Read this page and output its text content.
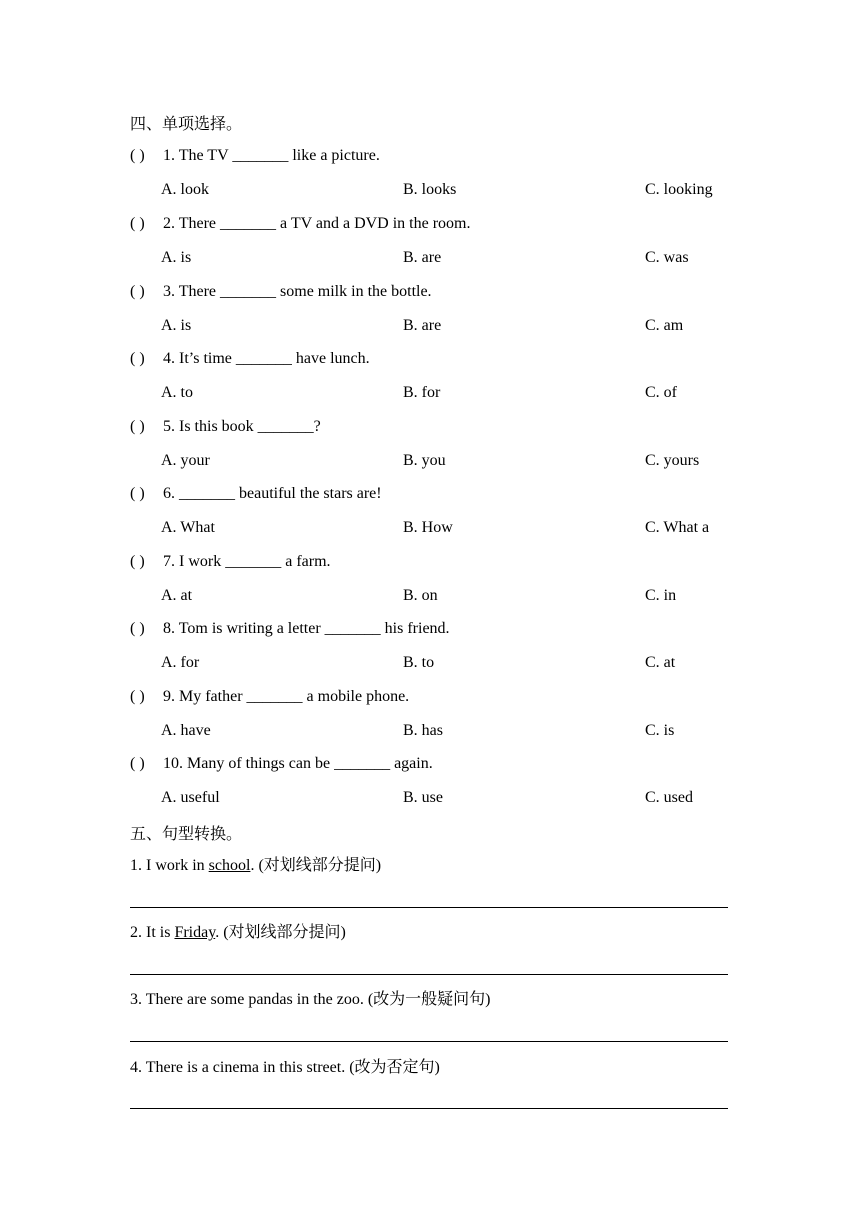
四、单项选择。
( ) 1. The TV _______ like a picture.
A. look	B. looks	C. looking
( ) 2. There _______ a TV and a DVD in the room.
A. is	B. are	C. was
( ) 3. There _______ some milk in the bottle.
A. is	B. are	C. am
( ) 4. It’s time _______ have lunch.
A. to	B. for	C. of
( ) 5. Is this book _______?
A. your	B. you	C. yours
( ) 6. _______ beautiful the stars are!
A. What	B. How	C. What a
( ) 7. I work _______ a farm.
A. at	B. on	C. in
( ) 8. Tom is writing a letter _______ his friend.
A. for	B. to	C. at
( ) 9. My father _______ a mobile phone.
A. have	B. has	C. is
( ) 10. Many of things can be _______ again.
A. useful	B. use	C. used
五、句型转换。
1. I work in school. (对划线部分提问)
2. It is Friday. (对划线部分提问)
3. There are some pandas in the zoo. (改为一般疑问句)
4. There is a cinema in this street. (改为否定句)
